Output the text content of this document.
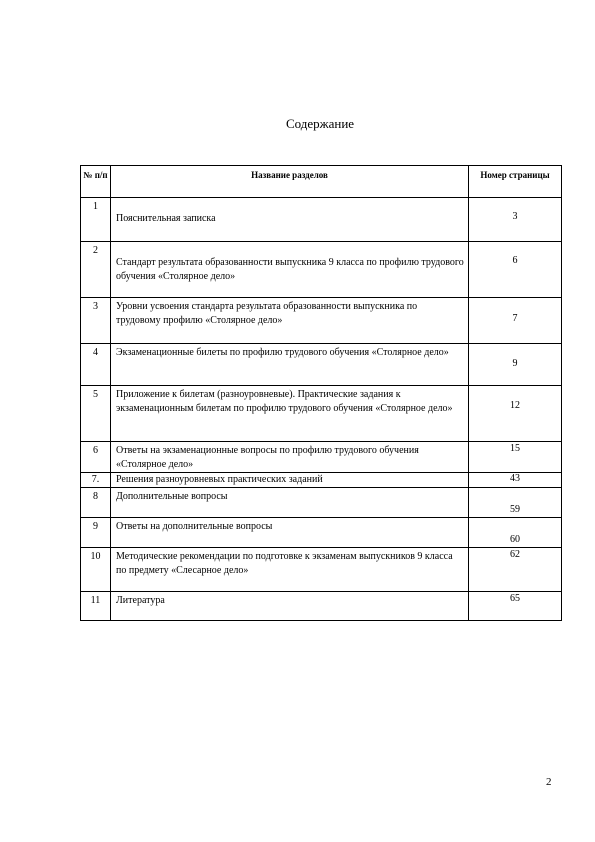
Содержание
№ п/п	Название разделов	Номер страницы
1	Пояснительная записка	3

2	Стандарт результата образованности выпускника 9 класса по профилю трудового обучения «Столярное дело»	6

3	Уровни усвоения стандарта результата образованности выпускника по трудовому профилю «Столярное дело»	7

4	Экзаменационные билеты по профилю трудового обучения «Столярное дело»	9

5	Приложение к билетам (разноуровневые). Практические задания к экзаменационным билетам по профилю трудового обучения «Столярное дело»	12

6	Ответы на экзаменационные вопросы по профилю трудового обучения «Столярное дело»	15
7.	Решения разноуровневых практических заданий	43
8	Дополнительные вопросы	59

9	Ответы на дополнительные вопросы	60

10	Методические рекомендации по подготовке к экзаменам выпускников 9 класса по предмету «Слесарное дело»	62
11	Литература	65
2
